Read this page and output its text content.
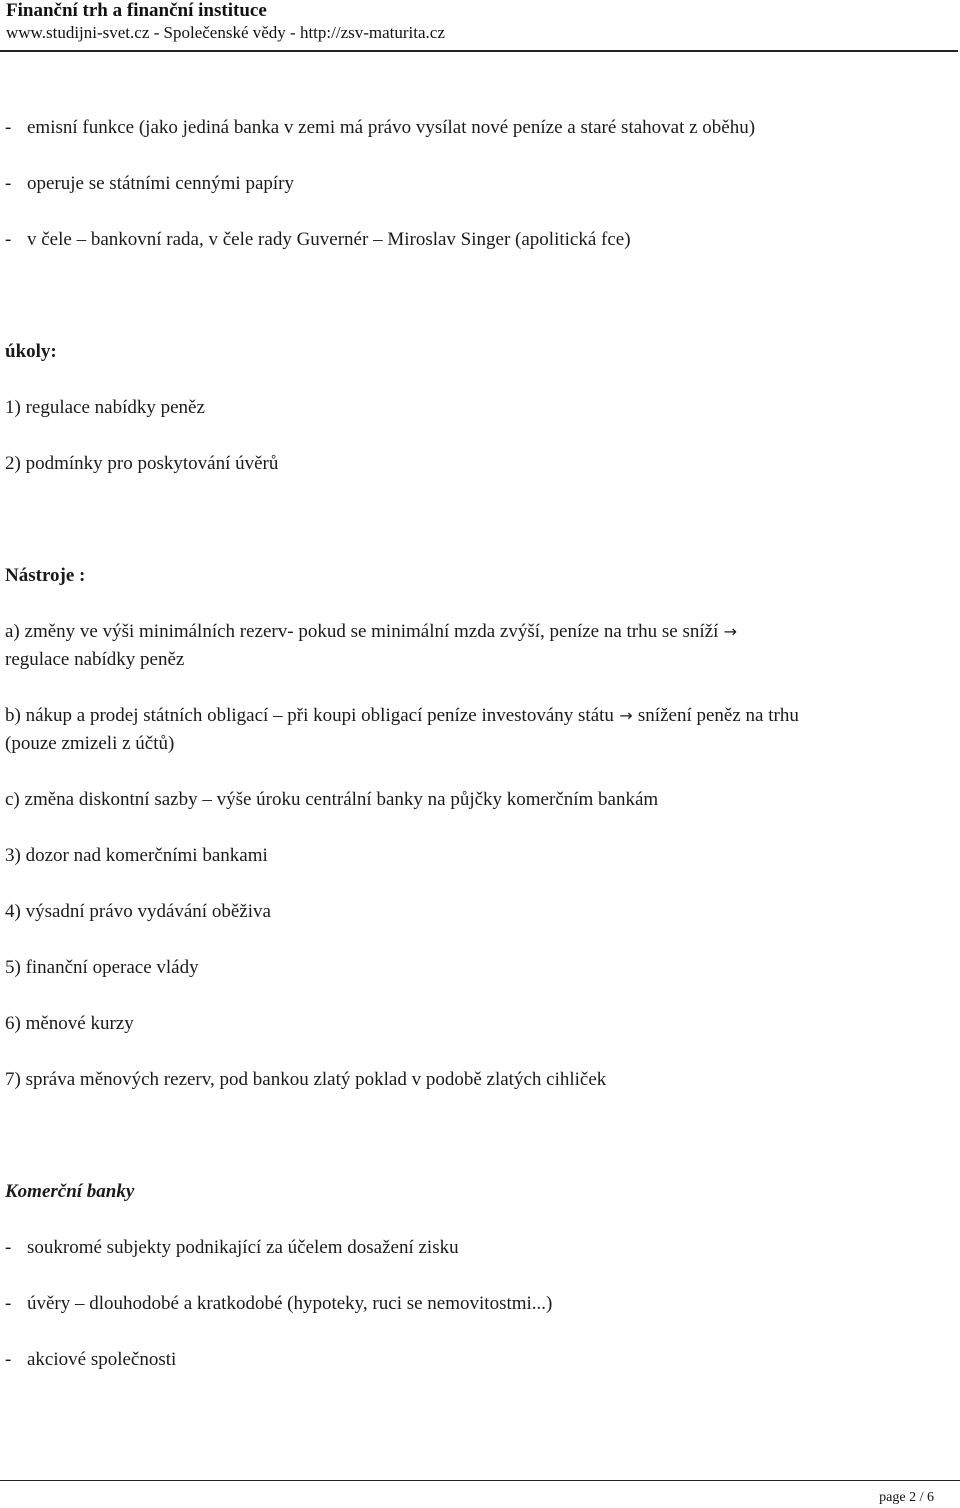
Finanční trh a finanční instituce
www.studijni-svet.cz - Společenské vědy - http://zsv-maturita.cz
- emisní funkce (jako jediná banka v zemi má právo vysílat nové peníze a staré stahovat z oběhu)
- operuje se státními cennými papíry
- v čele – bankovní rada, v čele rady Guvernér – Miroslav Singer (apolitická fce)
úkoly:
1) regulace nabídky peněz
2) podmínky pro poskytování úvěrů
Nástroje :
a) změny ve výši minimálních rezerv- pokud se minimální mzda zvýší, peníze na trhu se sníží →
regulace nabídky peněz
b) nákup a prodej státních obligací – při koupi obligací peníze investovány státu → snížení peněz na trhu
(pouze zmizeli z účtů)
c) změna diskontní sazby – výše úroku centrální banky na půjčky komerčním bankám
3) dozor nad komerčními bankami
4) výsadní právo vydávání oběživa
5) finanční operace vlády
6) měnové kurzy
7) správa měnových rezerv, pod bankou zlatý poklad v podobě zlatých cihliček
Komerční banky
- soukromé subjekty podnikající za účelem dosažení zisku
- úvěry – dlouhodobé a kratkodobé (hypoteky, ruci se nemovitostmi...)
- akciové společnosti
page 2 / 6
